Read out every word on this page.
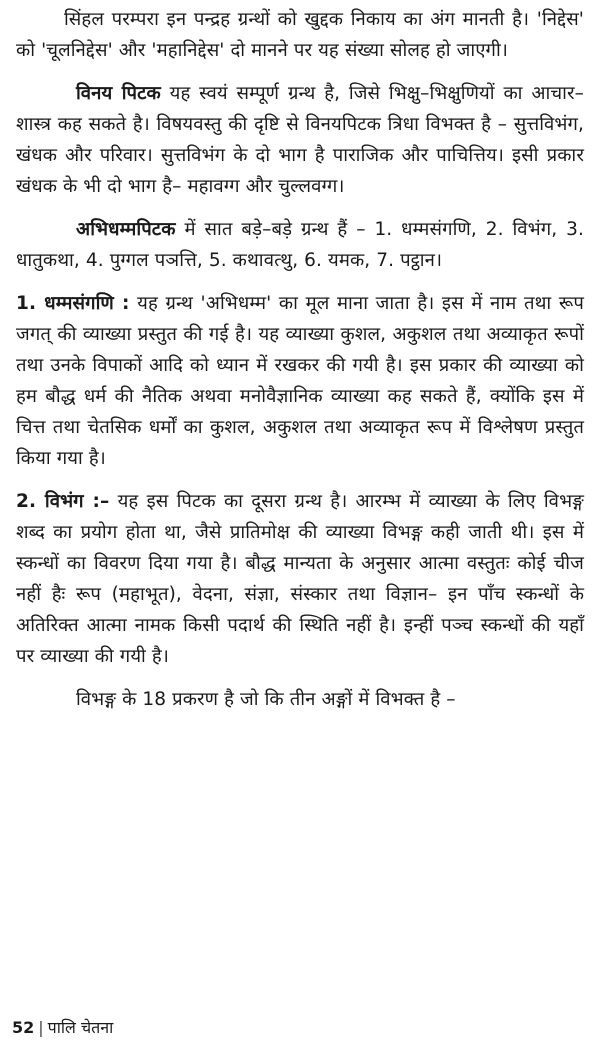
सिंहल परम्परा इन पन्द्रह ग्रन्थों को खुद्दक निकाय का अंग मानती है। 'निद्देस' को 'चूलनिद्देस' और 'महानिद्देस' दो मानने पर यह संख्या सोलह हो जाएगी।

विनय पिटक यह स्वयं सम्पूर्ण ग्रन्थ है, जिसे भिक्षु–भिक्षुणियों का आचार–शास्त्र कह सकते है। विषयवस्तु की दृष्टि से विनयपिटक त्रिधा विभक्त है – सुत्तविभंग, खंधक और परिवार। सुत्तविभंग के दो भाग है पाराजिक और पाचित्तिय। इसी प्रकार खंधक के भी दो भाग है– महावग्ग और चुल्लवग्ग।

अभिधम्मपिटक में सात बड़े–बड़े ग्रन्थ हैं – 1. धम्मसंगणि, 2. विभंग, 3. धातुकथा, 4. पुग्गल पञत्ति, 5. कथावत्थु, 6. यमक, 7. पट्ठान।

1. धम्मसंगणि : यह ग्रन्थ 'अभिधम्म' का मूल माना जाता है। इस में नाम तथा रूप जगत् की व्याख्या प्रस्तुत की गई है। यह व्याख्या कुशल, अकुशल तथा अव्याकृत रूपों तथा उनके विपाकों आदि को ध्यान में रखकर की गयी है। इस प्रकार की व्याख्या को हम बौद्ध धर्म की नैतिक अथवा मनोवैज्ञानिक व्याख्या कह सकते हैं, क्योंकि इस में चित्त तथा चेतसिक धर्मों का कुशल, अकुशल तथा अव्याकृत रूप में विश्लेषण प्रस्तुत किया गया है।

2. विभंग :– यह इस पिटक का दूसरा ग्रन्थ है। आरम्भ में व्याख्या के लिए विभङ्ग शब्द का प्रयोग होता था, जैसे प्रातिमोक्ष की व्याख्या विभङ्ग कही जाती थी। इस में स्कन्धों का विवरण दिया गया है। बौद्ध मान्यता के अनुसार आत्मा वस्तुतः कोई चीज नहीं हैः रूप (महाभूत), वेदना, संज्ञा, संस्कार तथा विज्ञान– इन पाँच स्कन्धों के अतिरिक्त आत्मा नामक किसी पदार्थ की स्थिति नहीं है। इन्हीं पञ्च स्कन्धों की यहाँ पर व्याख्या की गयी है।

विभङ्ग के 18 प्रकरण है जो कि तीन अङ्गों में विभक्त है –

52 | पालि चेतना
